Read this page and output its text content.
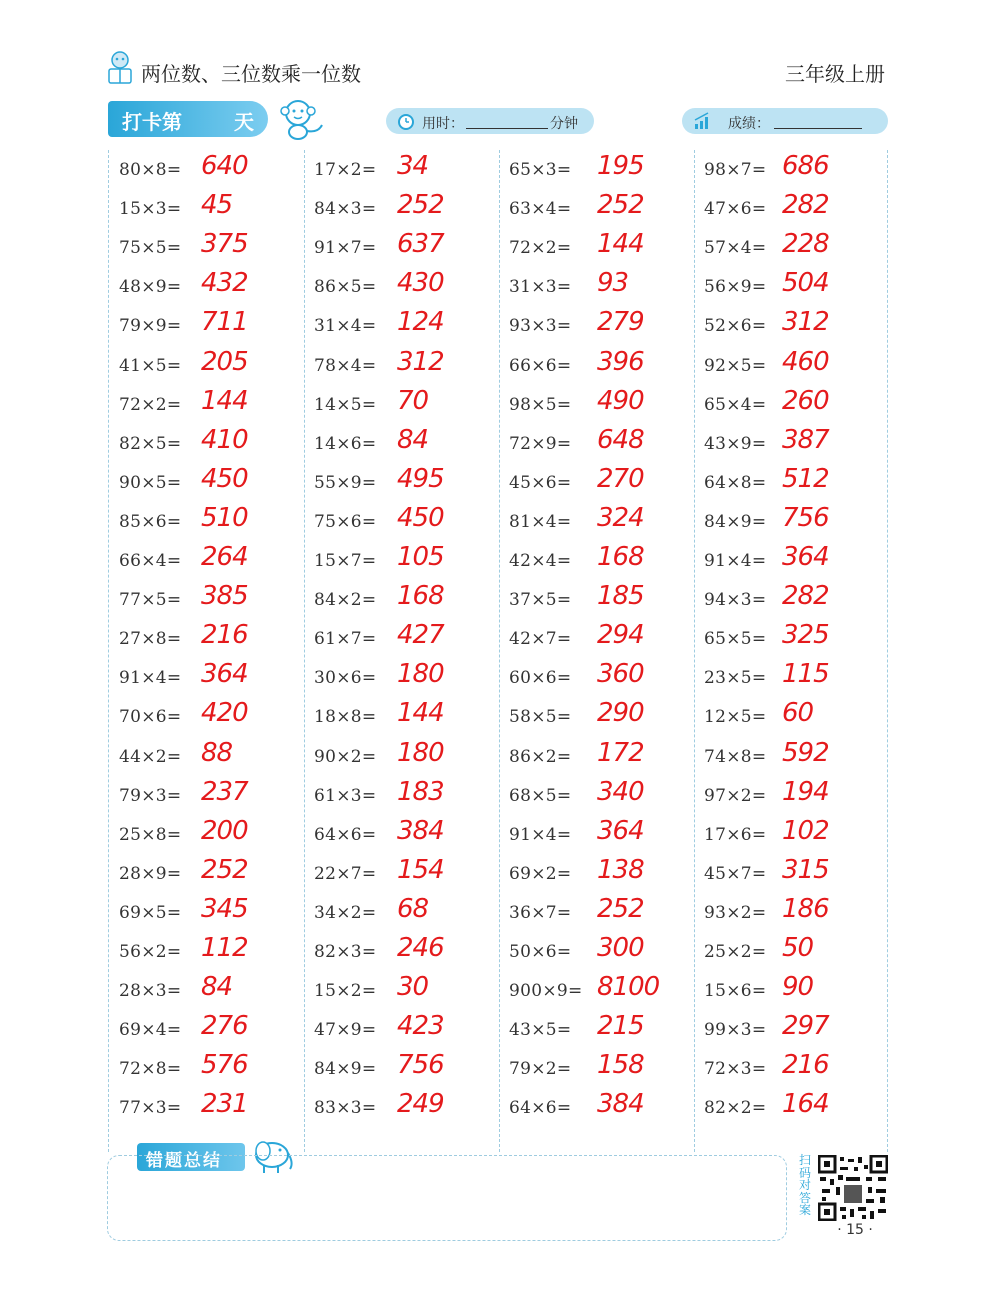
两位数、三位数乘一位数	三年级上册
打卡第	天	用时：	分钟	成绩：
80×8= 640
15×3= 45
75×5= 375
48×9= 432
79×9= 711
41×5= 205
72×2= 144
82×5= 410
90×5= 450
85×6= 510
66×4= 264
77×5= 385
27×8= 216
91×4= 364
70×6= 420
44×2= 88
79×3= 237
25×8= 200
28×9= 252
69×5= 345
56×2= 112
28×3= 84
69×4= 276
72×8= 576
77×3= 231
17×2= 34
84×3= 252
91×7= 637
86×5= 430
31×4= 124
78×4= 312
14×5= 70
14×6= 84
55×9= 495
75×6= 450
15×7= 105
84×2= 168
61×7= 427
30×6= 180
18×8= 144
90×2= 180
61×3= 183
64×6= 384
22×7= 154
34×2= 68
82×3= 246
15×2= 30
47×9= 423
84×9= 756
83×3= 249
65×3= 195
63×4= 252
72×2= 144
31×3= 93
93×3= 279
66×6= 396
98×5= 490
72×9= 648
45×6= 270
81×4= 324
42×4= 168
37×5= 185
42×7= 294
60×6= 360
58×5= 290
86×2= 172
68×5= 340
91×4= 364
69×2= 138
36×7= 252
50×6= 300
900×9= 8100
43×5= 215
79×2= 158
64×6= 384
98×7= 686
47×6= 282
57×4= 228
56×9= 504
52×6= 312
92×5= 460
65×4= 260
43×9= 387
64×8= 512
84×9= 756
91×4= 364
94×3= 282
65×5= 325
23×5= 115
12×5= 60
74×8= 592
97×2= 194
17×6= 102
45×7= 315
93×2= 186
25×2= 50
15×6= 90
99×3= 297
72×3= 216
82×2= 164
错题总结	扫码对答案
· 15 ·
